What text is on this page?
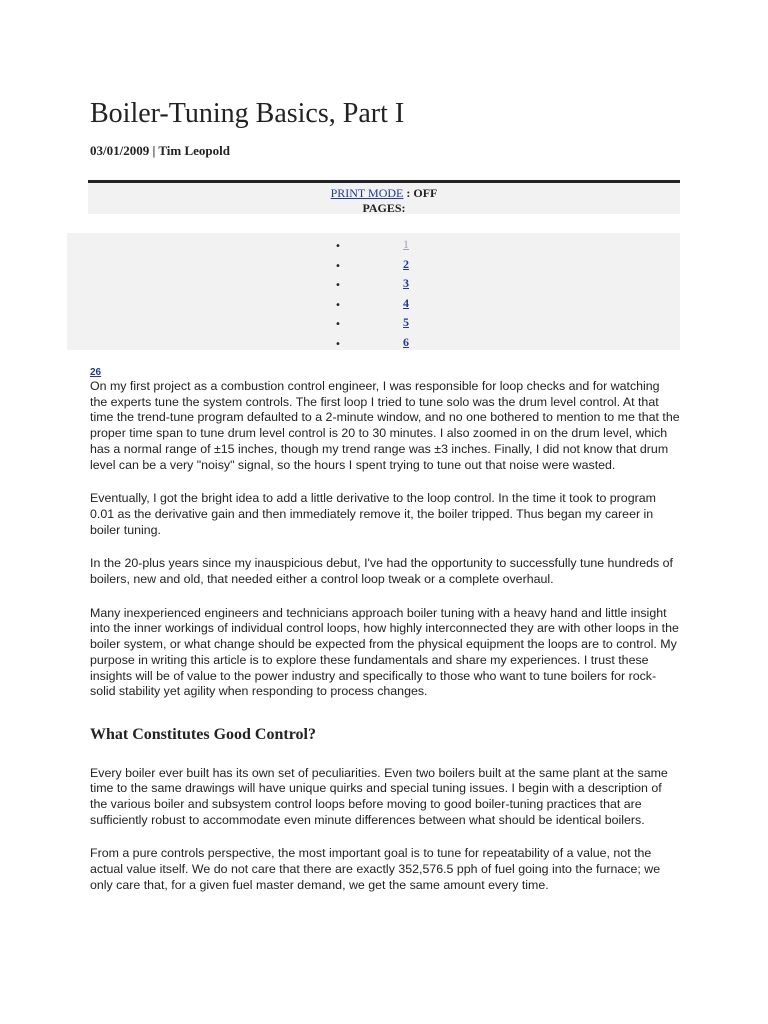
Boiler-Tuning Basics, Part I
03/01/2009 | Tim Leopold
PRINT MODE : OFF
PAGES:
•	1
•	2
•	3
•	4
•	5
•	6
26

On my first project as a combustion control engineer, I was responsible for loop checks and for watching the experts tune the system controls. The first loop I tried to tune solo was the drum level control. At that time the trend-tune program defaulted to a 2-minute window, and no one bothered to mention to me that the proper time span to tune drum level control is 20 to 30 minutes. I also zoomed in on the drum level, which has a normal range of ±15 inches, though my trend range was ±3 inches. Finally, I did not know that drum level can be a very "noisy" signal, so the hours I spent trying to tune out that noise were wasted.

Eventually, I got the bright idea to add a little derivative to the loop control. In the time it took to program 0.01 as the derivative gain and then immediately remove it, the boiler tripped. Thus began my career in boiler tuning.

In the 20-plus years since my inauspicious debut, I've had the opportunity to successfully tune hundreds of boilers, new and old, that needed either a control loop tweak or a complete overhaul.

Many inexperienced engineers and technicians approach boiler tuning with a heavy hand and little insight into the inner workings of individual control loops, how highly interconnected they are with other loops in the boiler system, or what change should be expected from the physical equipment the loops are to control. My purpose in writing this article is to explore these fundamentals and share my experiences. I trust these insights will be of value to the power industry and specifically to those who want to tune boilers for rock-solid stability yet agility when responding to process changes.

What Constitutes Good Control?

Every boiler ever built has its own set of peculiarities. Even two boilers built at the same plant at the same time to the same drawings will have unique quirks and special tuning issues. I begin with a description of the various boiler and subsystem control loops before moving to good boiler-tuning practices that are sufficiently robust to accommodate even minute differences between what should be identical boilers.

From a pure controls perspective, the most important goal is to tune for repeatability of a value, not the actual value itself. We do not care that there are exactly 352,576.5 pph of fuel going into the furnace; we only care that, for a given fuel master demand, we get the same amount every time.
